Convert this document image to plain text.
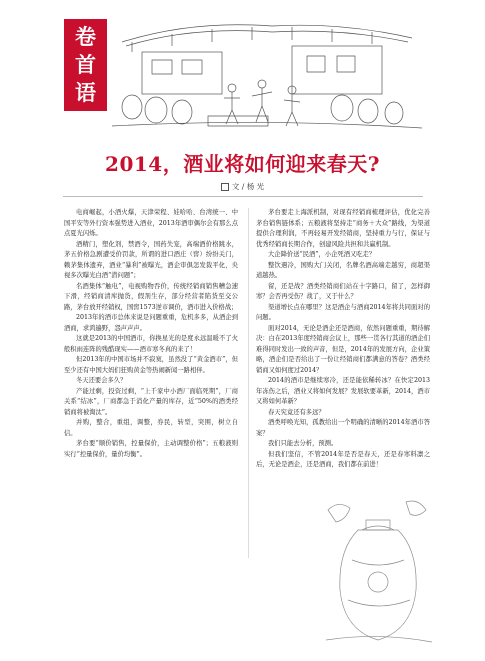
卷
首
语
2014，酒业将如何迎来春天?
文 / 杨 光

电商崛起，小酒火爆，天津荣程、娃哈哈、台湾统一、中国平安等外行资本强势进入酒业，2013年酒审偶尔会有那么点点夏光闪烁。

酒精门，塑化剂，禁酒令，国药失宠，高端酒价格跳水，茅五价格急剧遭受价罚款，所谓的进口酒庄（窖）纷纷关门，赖茅集体遗弃，酒业“暴利”被曝光，酒企审俱怎发裁平化，央视多次曝光白酒“潜问题”；

名酒集体“触电”，电视购物吞价，传统经销商销售糟急速下滑，经销商清库抛货，假剂生存，部分经营者陷货至交公路，茅台放开经销权，国窖1573逆市调价，酒市进入价格战；

2013年的酒市总体来说是问题重重，危机多多，从酒企到酒商，求鸿遍野，怨声声声。

这就是2013的中国酒市，你换星光的是度永远温暖不了火般积雨连阵的残酷现实——酒市寒冬真的来了！

但2013年的中国市场并不寂寞，虽然没了“黄金酒市”，但至少还有中国大妈们狂购黄金等热闹新闻一路相伴。

冬天还要会多久？

产能过剩，投资过剩，“上千家中小酒厂面临死期”，厂商关系“结冰”，厂商都急于消化产量的库存，近“50%的酒类经销商将被淘汰”。

并购，整合，重组，调整，券民，转型，突围，树立自信。

茅台要“顺价销售，控量保价，主动调整价格”；五粮液则实行“控量保价，量价均衡”。

茅台要走上海派机制，对现有经销商梳理评估，优化完善茅台销售链体系；五粮液将坚持走“商务＋大众”路线，为渠道提供合理利润，不再轻易开发经销商，坚持重力与行，保证与优秀经销商长期合作，创建风险共担和共赢机制。

大企降价送“民酒”，小企死酒又吃走？

整饮遇冷，国购大门关闭，名牌名酒高端走越穷，商超渠道越热。

留，还是战？酒类经销商们站在十字路口，留了，怎样御寒？会否再受伤？战了，又于什么？

渠道增长点在哪里？这是酒企与酒商2014年将共同面对的问题。

面对2014，无论是酒企还是酒商，依然问题重重，期待解决：白在2013年度经销商会议上，那些一贯各行其道的酒企们难得同时发出一致的声音，但是，2014年的发展方向，企业策略，酒企们是否给出了一份让经销商们都满意的答卷？酒类经销商又如何度过2014？

2014的酒市是继续寒冷，还是能依稀转冰？在快定2013年冻伤之后，酒业又将如何发展？发展软要革新，2014，酒市又将如何革新？

春天究竟还有多远？

酒类呼唤光知，孤教给出一个明确的清晰的2014年酒市答案？

我们只能去分析，预测。

但我们坚信，不管2014年是否是春天，还是春寒料凛之后，无论是酒企，还是酒商，我们都在前进！
